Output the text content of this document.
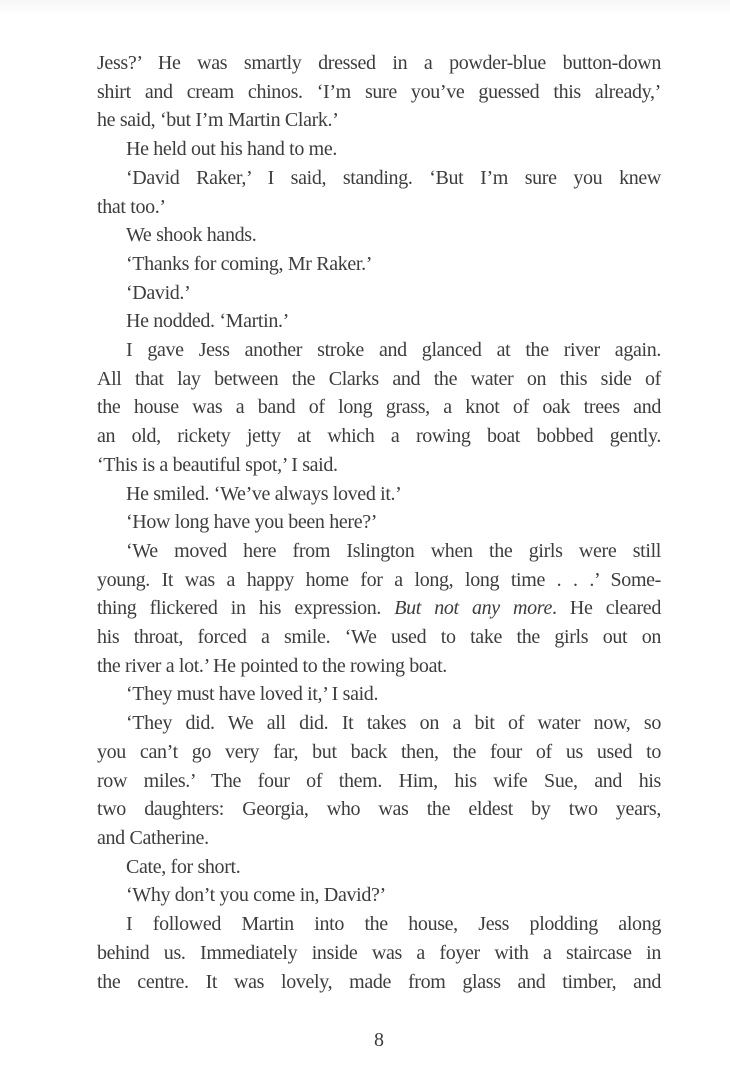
Jess?’ He was smartly dressed in a powder-blue button-down
shirt and cream chinos. ‘I’m sure you’ve guessed this already,’
he said, ‘but I’m Martin Clark.’
He held out his hand to me.
‘David Raker,’ I said, standing. ‘But I’m sure you knew
that too.’
We shook hands.
‘Thanks for coming, Mr Raker.’
‘David.’
He nodded. ‘Martin.’
I gave Jess another stroke and glanced at the river again.
All that lay between the Clarks and the water on this side of
the house was a band of long grass, a knot of oak trees and
an old, rickety jetty at which a rowing boat bobbed gently.
‘This is a beautiful spot,’ I said.
He smiled. ‘We’ve always loved it.’
‘How long have you been here?’
‘We moved here from Islington when the girls were still
young. It was a happy home for a long, long time . . .’ Some-
thing flickered in his expression. But not any more. He cleared
his throat, forced a smile. ‘We used to take the girls out on
the river a lot.’ He pointed to the rowing boat.
‘They must have loved it,’ I said.
‘They did. We all did. It takes on a bit of water now, so
you can’t go very far, but back then, the four of us used to
row miles.’ The four of them. Him, his wife Sue, and his
two daughters: Georgia, who was the eldest by two years,
and Catherine.
Cate, for short.
‘Why don’t you come in, David?’
I followed Martin into the house, Jess plodding along
behind us. Immediately inside was a foyer with a staircase in
the centre. It was lovely, made from glass and timber, and
8
